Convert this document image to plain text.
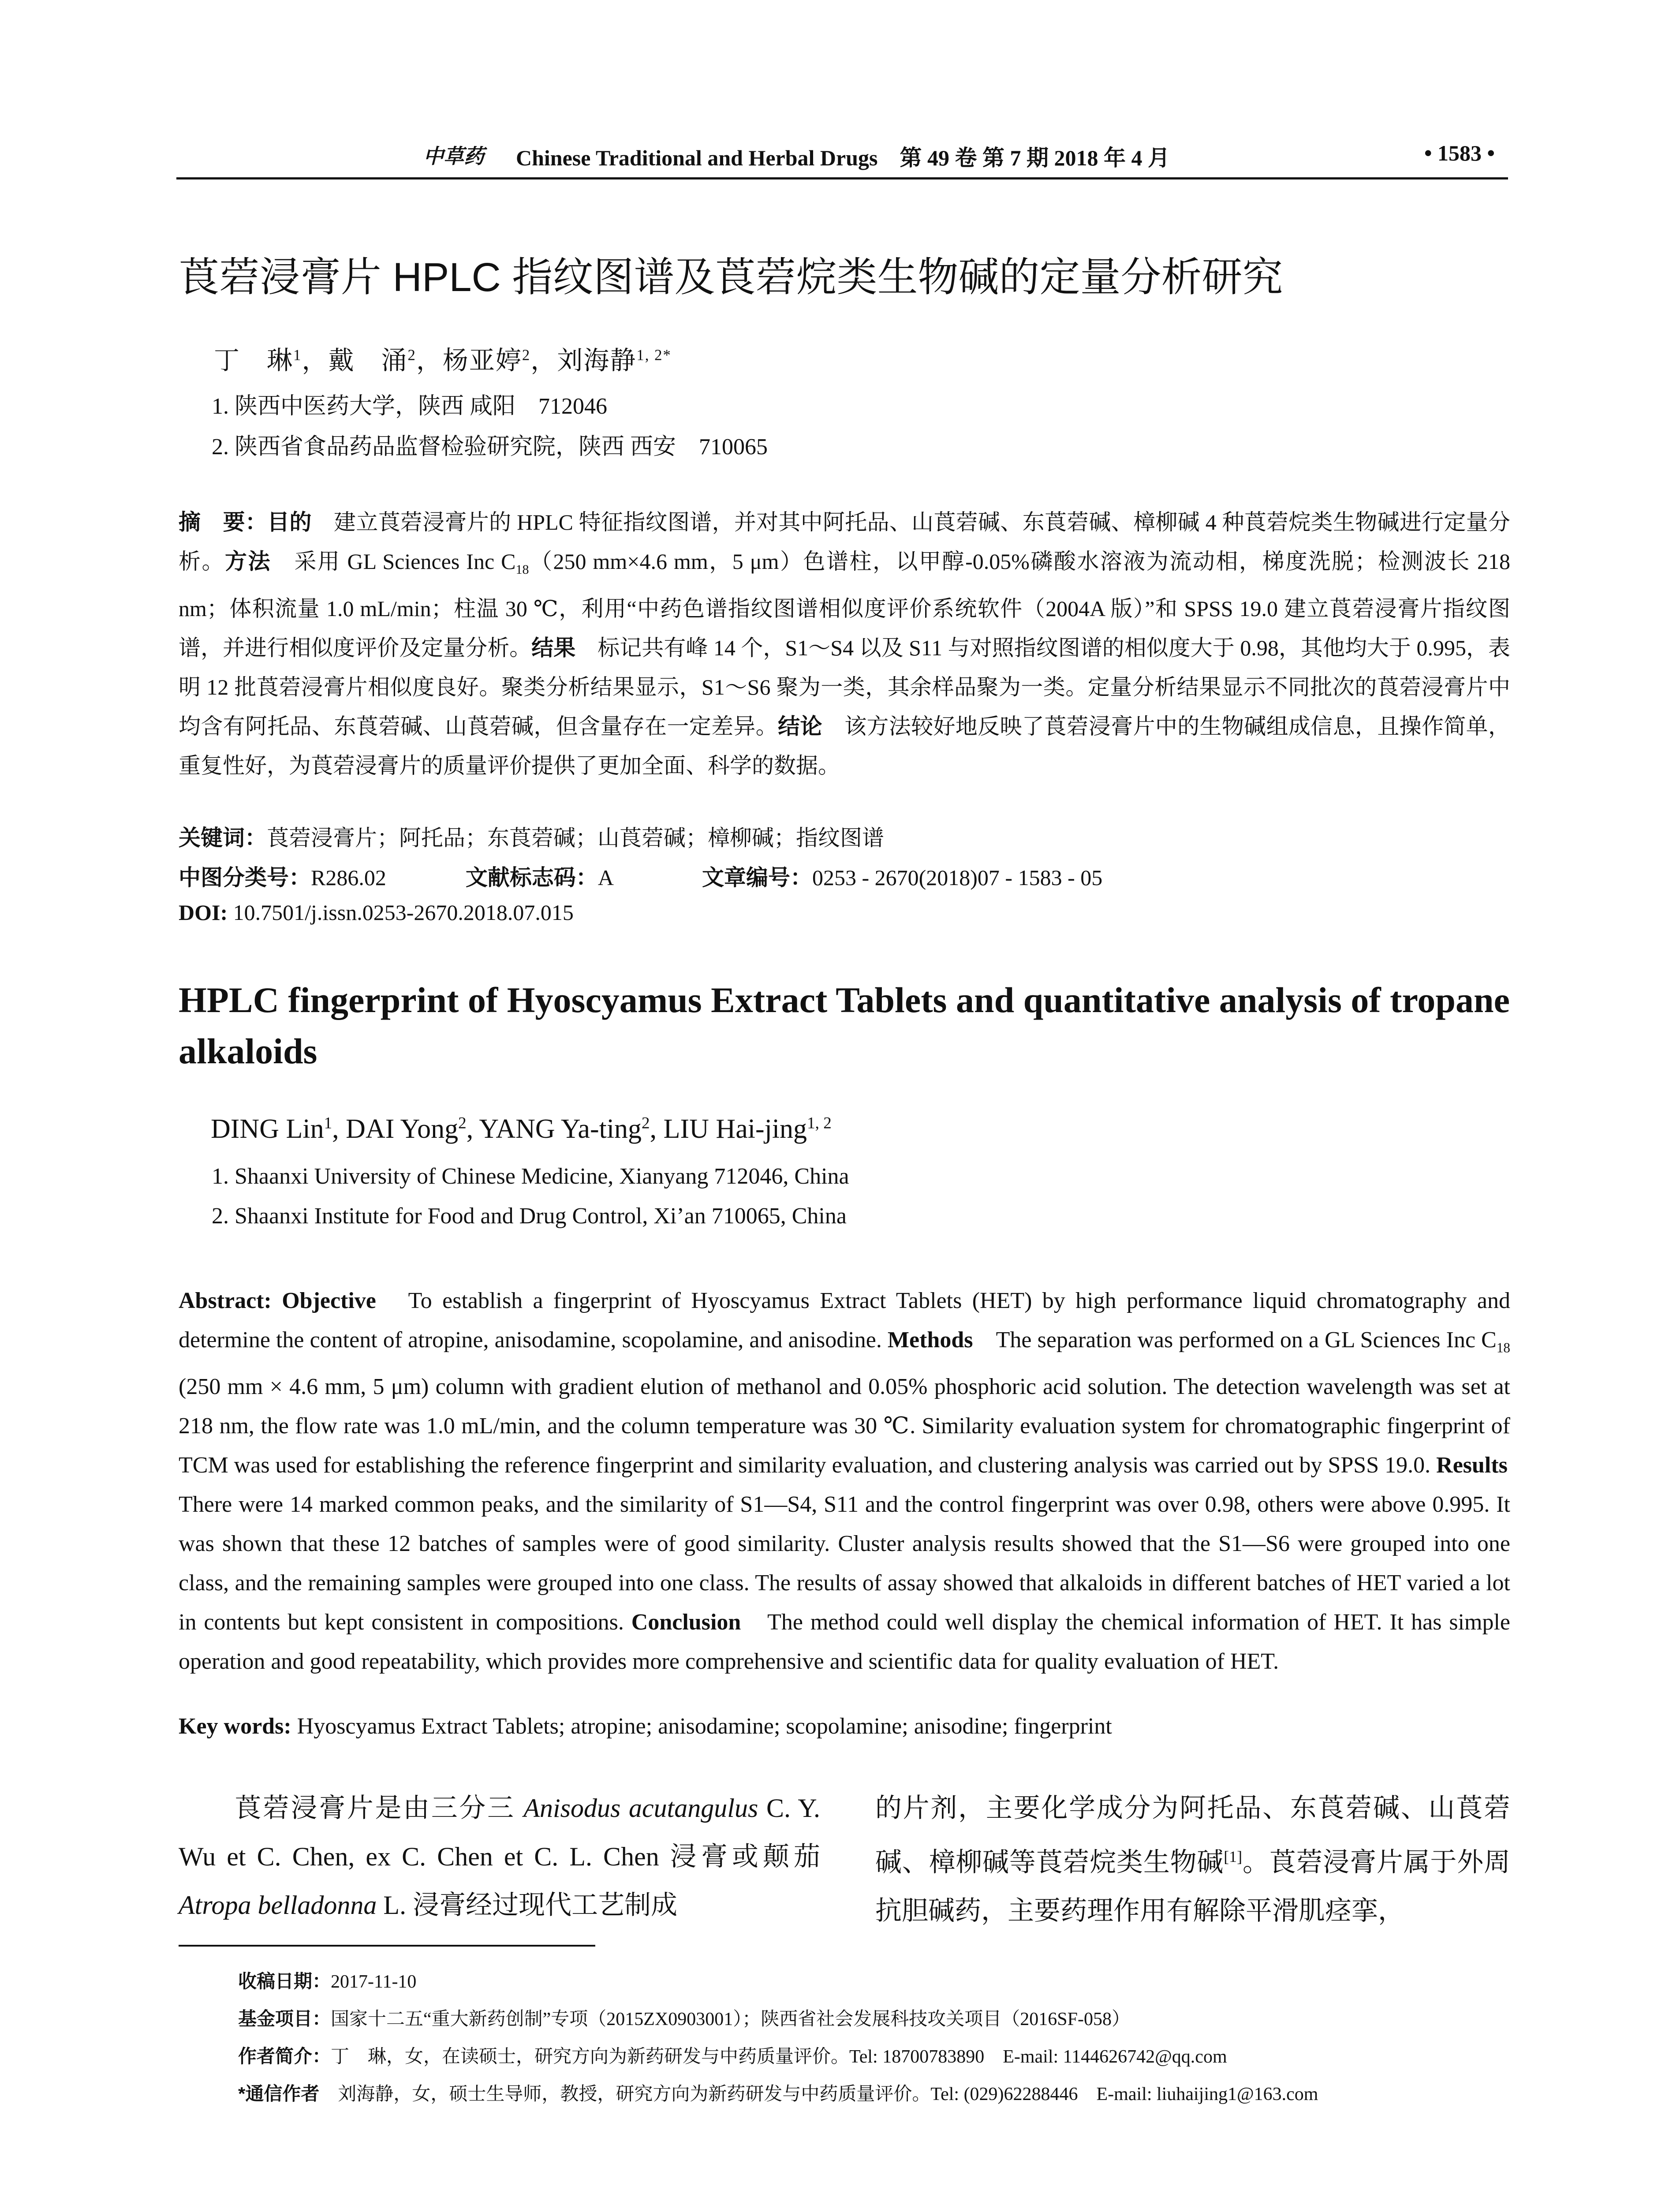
中草药 Chinese Traditional and Herbal Drugs　第 49 卷 第 7 期 2018 年 4 月	• 1583 •
莨菪浸膏片 HPLC 指纹图谱及莨菪烷类生物碱的定量分析研究
丁　琳$^1$，戴　涌$^2$，杨亚婷$^2$，刘海静$^{1, 2*}$
1. 陕西中医药大学，陕西 咸阳　712046
2. 陕西省食品药品监督检验研究院，陕西 西安　710065
摘　要：目的　建立莨菪浸膏片的 HPLC 特征指纹图谱，并对其中阿托品、山莨菪碱、东莨菪碱、樟柳碱 4 种莨菪烷类生物碱进行定量分析。方法　采用 GL Sciences Inc $C_{18}(250$ mm×4.6 mm，5 μm）色谱柱，以甲醇-0.05%磷酸水溶液为流动相，梯度洗脱；检测波长 218 nm；体积流量 1.0 mL/min；柱温 30 ℃，利用“中药色谱指纹图谱相似度评价系统软件（2004A 版）”和 SPSS 19.0 建立莨菪浸膏片指纹图谱，并进行相似度评价及定量分析。结果　标记共有峰 14 个，S1～S4 以及 S11 与对照指纹图谱的相似度大于 0.98，其他均大于 0.995，表明 12 批莨菪浸膏片相似度良好。聚类分析结果显示，S1～S6 聚为一类，其余样品聚为一类。定量分析结果显示不同批次的莨菪浸膏片中均含有阿托品、东莨菪碱、山莨菪碱，但含量存在一定差异。结论　该方法较好地反映了莨菪浸膏片中的生物碱组成信息，且操作简单，重复性好，为莨菪浸膏片的质量评价提供了更加全面、科学的数据。
关键词：莨菪浸膏片；阿托品；东莨菪碱；山莨菪碱；樟柳碱；指纹图谱
中图分类号：R286.02	文献标志码：A	文章编号：0253 - 2670(2018)07 - 1583 - 05
DOI: 10.7501/j.issn.0253-2670.2018.07.015
HPLC fingerprint of Hyoscyamus Extract Tablets and quantitative analysis of tropane alkaloids
DING Lin$^1$, DAI Yong$^2$, YANG Ya-ting$^2$, LIU Hai-jing$^{1, 2}$
1. Shaanxi University of Chinese Medicine, Xianyang 712046, China
2. Shaanxi Institute for Food and Drug Control, Xi’an 710065, China
Abstract: Objective　To establish a fingerprint of Hyoscyamus Extract Tablets (HET) by high performance liquid chromatography and determine the content of atropine, anisodamine, scopolamine, and anisodine. Methods　The separation was performed on a GL Sciences Inc $C_{18}$ (250 mm × 4.6 mm, 5 μm) column with gradient elution of methanol and 0.05% phosphoric acid solution. The detection wavelength was set at 218 nm, the flow rate was 1.0 mL/min, and the column temperature was 30 ℃. Similarity evaluation system for chromatographic fingerprint of TCM was used for establishing the reference fingerprint and similarity evaluation, and clustering analysis was carried out by SPSS 19.0. Results　There were 14 marked common peaks, and the similarity of S1—S4, S11 and the control fingerprint was over 0.98, others were above 0.995. It was shown that these 12 batches of samples were of good similarity. Cluster analysis results showed that the S1—S6 were grouped into one class, and the remaining samples were grouped into one class. The results of assay showed that alkaloids in different batches of HET varied a lot in contents but kept consistent in compositions. Conclusion　The method could well display the chemical information of HET. It has simple operation and good repeatability, which provides more comprehensive and scientific data for quality evaluation of HET.
Key words: Hyoscyamus Extract Tablets; atropine; anisodamine; scopolamine; anisodine; fingerprint
　　莨菪浸膏片是由三分三 Anisodus acutangulus C. Y. Wu et C. Chen, ex C. Chen et C. L. Chen 浸膏或颠茄 Atropa belladonna L. 浸膏经过现代工艺制成
的片剂，主要化学成分为阿托品、东莨菪碱、山莨菪碱、樟柳碱等莨菪烷类生物碱[1]。莨菪浸膏片属于外周抗胆碱药，主要药理作用有解除平滑肌痉挛，
收稿日期：2017-11-10
基金项目：国家十二五“重大新药创制”专项（2015ZX0903001）；陕西省社会发展科技攻关项目（2016SF-058）
作者简介：丁　琳，女，在读硕士，研究方向为新药研发与中药质量评价。Tel: 18700783890　E-mail: 1144626742@qq.com
*通信作者　刘海静，女，硕士生导师，教授，研究方向为新药研发与中药质量评价。Tel: (029)62288446　E-mail: liuhaijing1@163.com
